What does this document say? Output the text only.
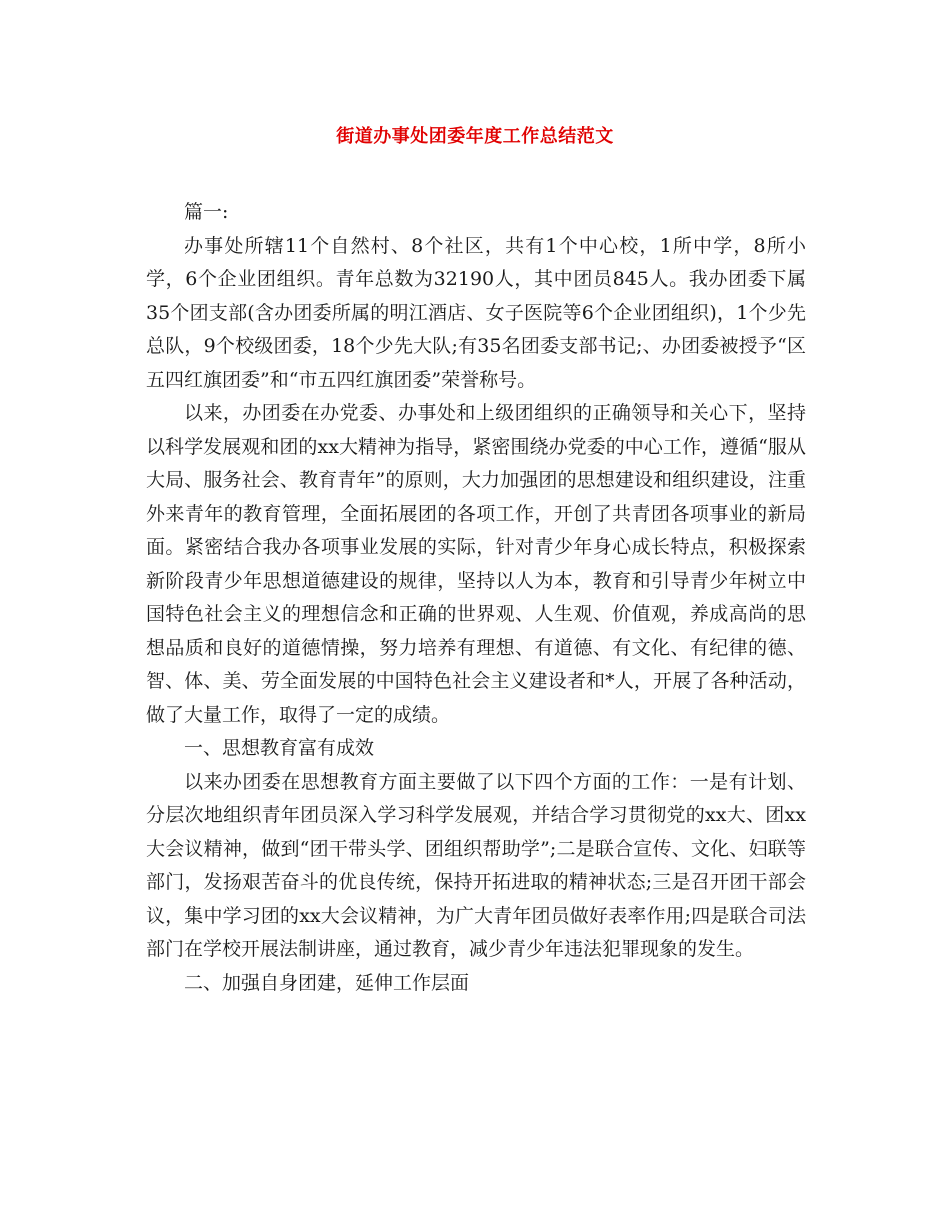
街道办事处团委年度工作总结范文

篇一:

办事处所辖11个自然村、8个社区，共有1个中心校，1所中学，8所小学，6个企业团组织。青年总数为32190人，其中团员845人。我办团委下属35个团支部(含办团委所属的明江酒店、女子医院等6个企业团组织)，1个少先总队，9个校级团委，18个少先大队;有35名团委支部书记;、办团委被授予“区五四红旗团委”和“市五四红旗团委”荣誉称号。

以来，办团委在办党委、办事处和上级团组织的正确领导和关心下，坚持以科学发展观和团的xx大精神为指导，紧密围绕办党委的中心工作，遵循“服从大局、服务社会、教育青年”的原则，大力加强团的思想建设和组织建设，注重外来青年的教育管理，全面拓展团的各项工作，开创了共青团各项事业的新局面。紧密结合我办各项事业发展的实际，针对青少年身心成长特点，积极探索新阶段青少年思想道德建设的规律，坚持以人为本，教育和引导青少年树立中国特色社会主义的理想信念和正确的世界观、人生观、价值观，养成高尚的思想品质和良好的道德情操，努力培养有理想、有道德、有文化、有纪律的德、智、体、美、劳全面发展的中国特色社会主义建设者和*人，开展了各种活动，做了大量工作，取得了一定的成绩。

一、思想教育富有成效

以来办团委在思想教育方面主要做了以下四个方面的工作：一是有计划、分层次地组织青年团员深入学习科学发展观，并结合学习贯彻党的xx大、团xx大会议精神，做到“团干带头学、团组织帮助学”;二是联合宣传、文化、妇联等部门，发扬艰苦奋斗的优良传统，保持开拓进取的精神状态;三是召开团干部会议，集中学习团的xx大会议精神，为广大青年团员做好表率作用;四是联合司法部门在学校开展法制讲座，通过教育，减少青少年违法犯罪现象的发生。

二、加强自身团建，延伸工作层面
